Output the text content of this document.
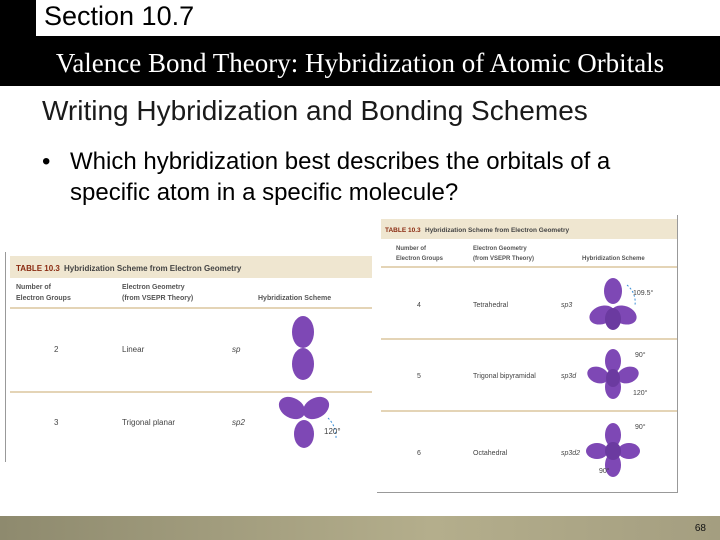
Section 10.7
Valence Bond Theory: Hybridization of Atomic Orbitals
Writing Hybridization and Bonding Schemes
• Which hybridization best describes the orbitals of a specific atom in a specific molecule?
TABLE 10.3 Hybridization Scheme from Electron Geometry
Number of
Electron Groups
Electron Geometry
(from VSEPR Theory)	Hybridization Scheme
2	Linear	sp
3	Trigonal planar	sp2
120°
TABLE 10.3 Hybridization Scheme from Electron Geometry
Number of
Electron Groups
Electron Geometry
(from VSEPR Theory)	Hybridization Scheme
4	Tetrahedral	sp3
109.5°
5	Trigonal bipyramidal	sp3d
90°
120°
6	Octahedral	sp3d2
90°
90°
68
